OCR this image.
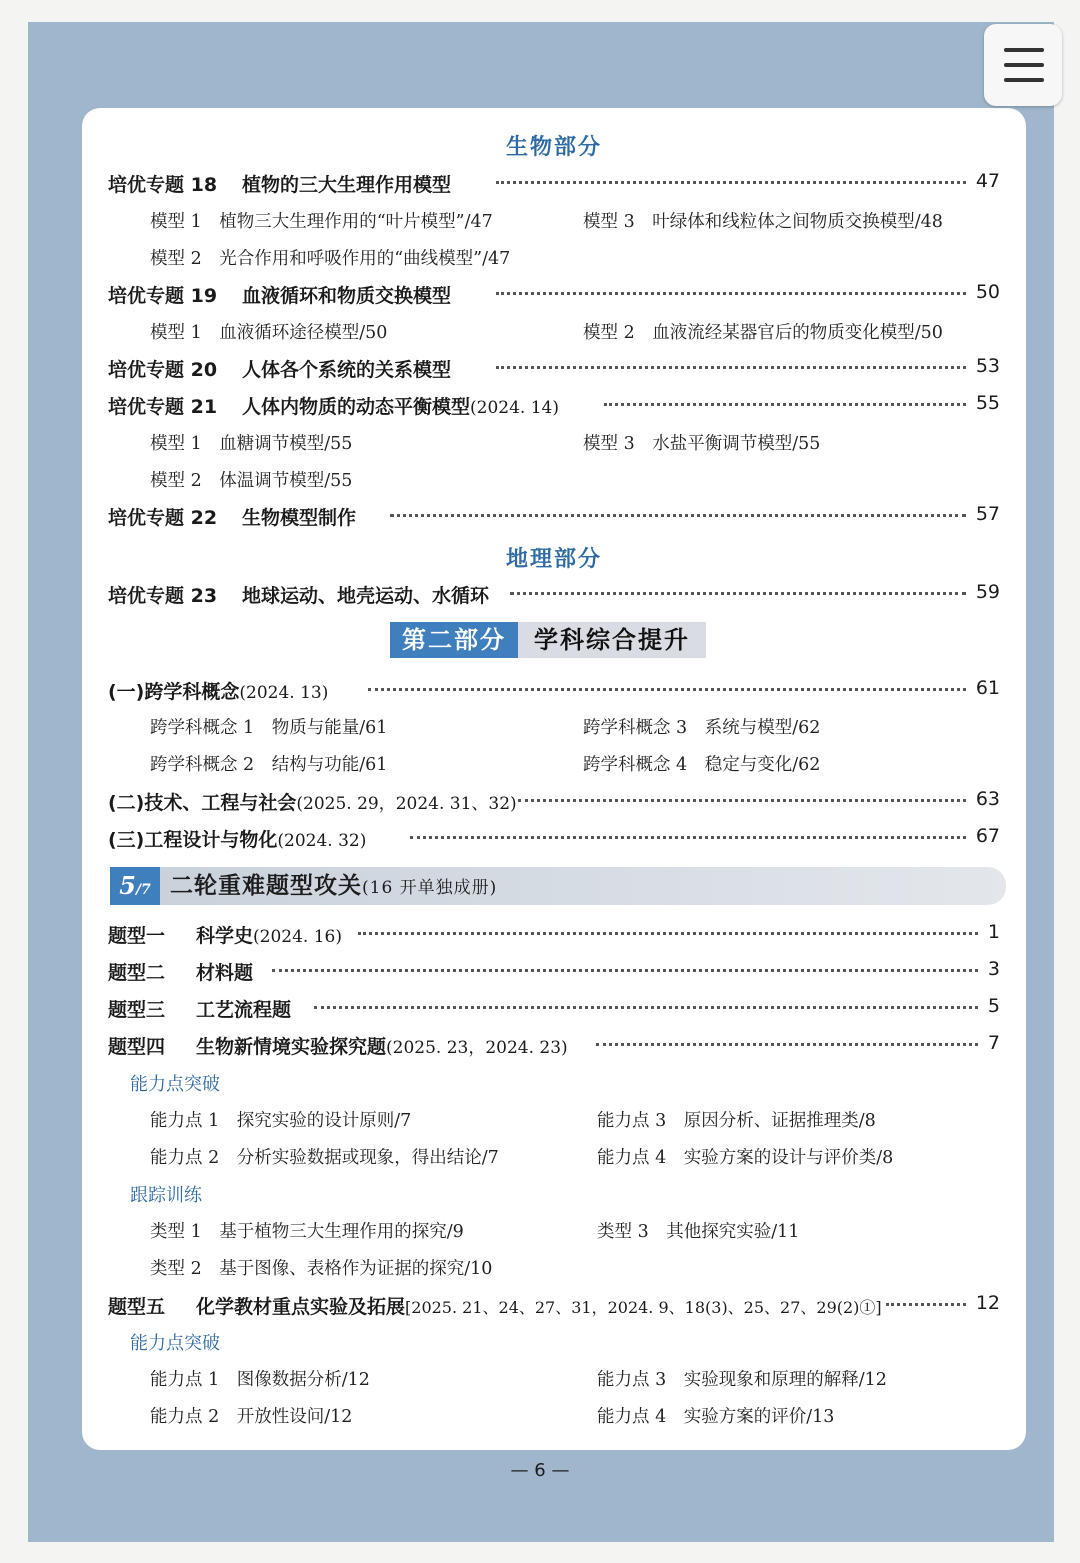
生物部分
培优专题 18 植物的三大生理作用模型	47
模型 1　植物三大生理作用的“叶片模型”/47	模型 3　叶绿体和线粒体之间物质交换模型/48
模型 2　光合作用和呼吸作用的“曲线模型”/47
培优专题 19 血液循环和物质交换模型	50
模型 1　血液循环途径模型/50	模型 2　血液流经某器官后的物质变化模型/50
培优专题 20 人体各个系统的关系模型	53
培优专题 21 人体内物质的动态平衡模型(2024. 14)	55
模型 1　血糖调节模型/55	模型 3　水盐平衡调节模型/55
模型 2　体温调节模型/55
培优专题 22 生物模型制作	57
地理部分
培优专题 23 地球运动、地壳运动、水循环	59
第二部分	学科综合提升
(一)跨学科概念(2024. 13)	61
跨学科概念 1　物质与能量/61	跨学科概念 3　系统与模型/62
跨学科概念 2　结构与功能/61	跨学科概念 4　稳定与变化/62
(二)技术、工程与社会(2025. 29，2024. 31、32)	63
(三)工程设计与物化(2024. 32)	67
5/7 二轮重难题型攻关(16 开单独成册)
题型一 科学史(2024. 16)	1
题型二 材料题	3
题型三 工艺流程题	5
题型四 生物新情境实验探究题(2025. 23，2024. 23)	7
能力点突破
能力点 1　探究实验的设计原则/7	能力点 3　原因分析、证据推理类/8
能力点 2　分析实验数据或现象，得出结论/7	能力点 4　实验方案的设计与评价类/8
跟踪训练
类型 1　基于植物三大生理作用的探究/9	类型 3　其他探究实验/11
类型 2　基于图像、表格作为证据的探究/10
题型五 化学教材重点实验及拓展[2025. 21、24、27、31，2024. 9、18(3)、25、27、29(2)①]	12
能力点突破
能力点 1　图像数据分析/12	能力点 3　实验现象和原理的解释/12
能力点 2　开放性设问/12	能力点 4　实验方案的评价/13
— 6 —
